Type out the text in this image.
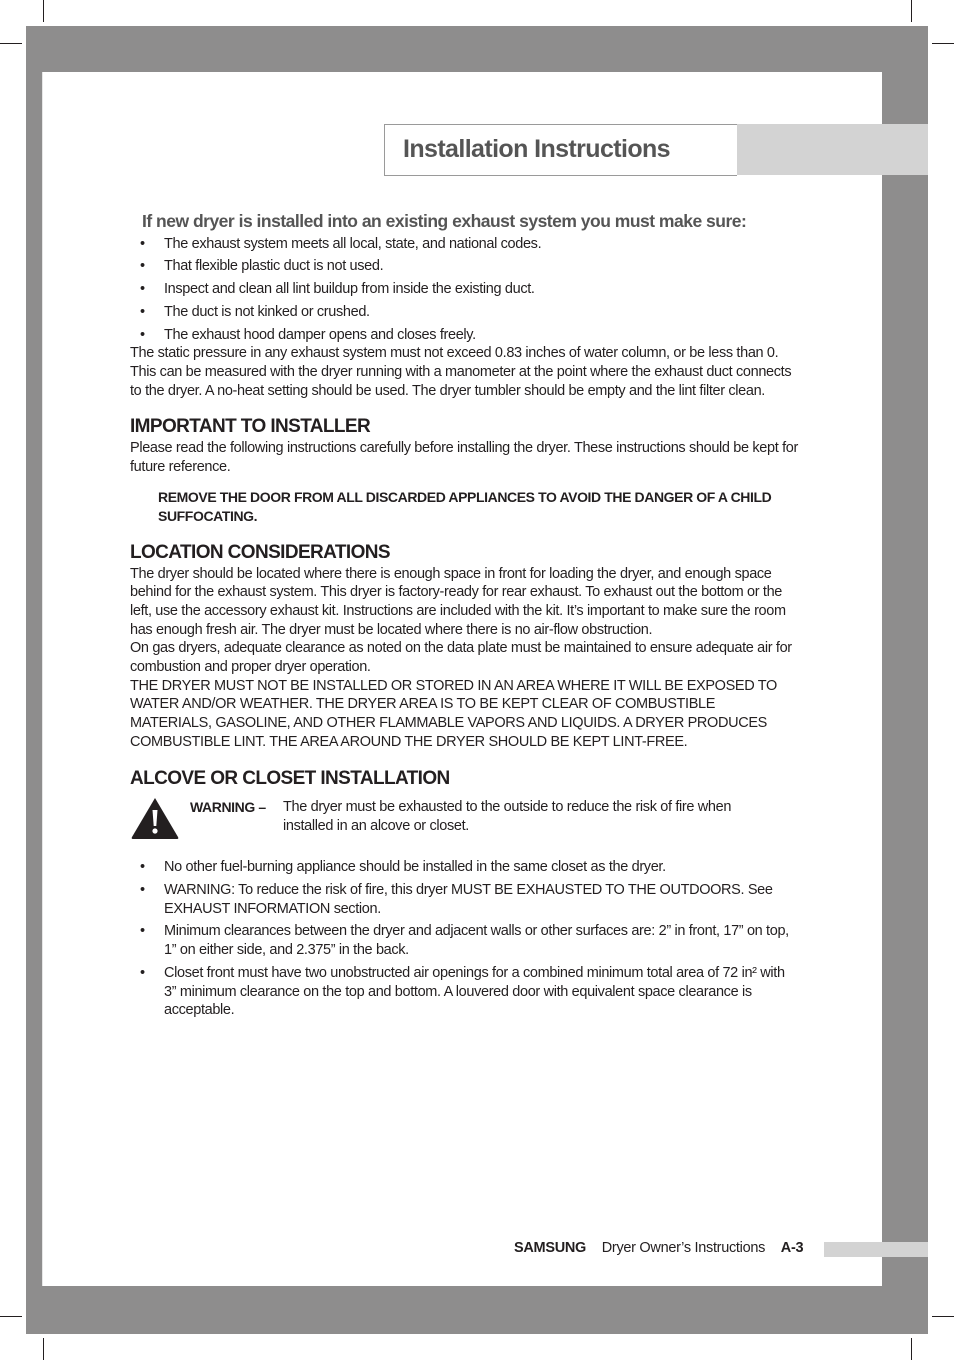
Installation Instructions
If new dryer is installed into an existing exhaust system you must make sure:
• The exhaust system meets all local, state, and national codes.
• That flexible plastic duct is not used.
• Inspect and clean all lint buildup from inside the existing duct.
• The duct is not kinked or crushed.
• The exhaust hood damper opens and closes freely.

The static pressure in any exhaust system must not exceed 0.83 inches of water column, or be less than 0. This can be measured with the dryer running with a manometer at the point where the exhaust duct connects to the dryer. A no-heat setting should be used. The dryer tumbler should be empty and the lint filter clean.

IMPORTANT TO INSTALLER

Please read the following instructions carefully before installing the dryer. These instructions should be kept for future reference.

REMOVE THE DOOR FROM ALL DISCARDED APPLIANCES TO AVOID THE DANGER OF A CHILD SUFFOCATING.
LOCATION CONSIDERATIONS

The dryer should be located where there is enough space in front for loading the dryer, and enough space behind for the exhaust system. This dryer is factory-ready for rear exhaust. To exhaust out the bottom or the left, use the accessory exhaust kit. Instructions are included with the kit. It’s important to make sure the room has enough fresh air. The dryer must be located where there is no air-flow obstruction.

On gas dryers, adequate clearance as noted on the data plate must be maintained to ensure adequate air for combustion and proper dryer operation.

THE DRYER MUST NOT BE INSTALLED OR STORED IN AN AREA WHERE IT WILL BE EXPOSED TO WATER AND/OR WEATHER. THE DRYER AREA IS TO BE KEPT CLEAR OF COMBUSTIBLE MATERIALS, GASOLINE, AND OTHER FLAMMABLE VAPORS AND LIQUIDS. A DRYER PRODUCES COMBUSTIBLE LINT. THE AREA AROUND THE DRYER SHOULD BE KEPT LINT-FREE.

ALCOVE OR CLOSET INSTALLATION
WARNING – The dryer must be exhausted to the outside to reduce the risk of fire when installed in an alcove or closet.
• No other fuel-burning appliance should be installed in the same closet as the dryer.
• WARNING: To reduce the risk of fire, this dryer MUST BE EXHAUSTED TO THE OUTDOORS. See EXHAUST INFORMATION section.
• Minimum clearances between the dryer and adjacent walls or other surfaces are: 2” in front, 17” on top, 1” on either side, and 2.375” in the back.
• Closet front must have two unobstructed air openings for a combined minimum total area of 72 in² with 3” minimum clearance on the top and bottom. A louvered door with equivalent space clearance is acceptable.
SAMSUNG Dryer Owner’s Instructions A-3
